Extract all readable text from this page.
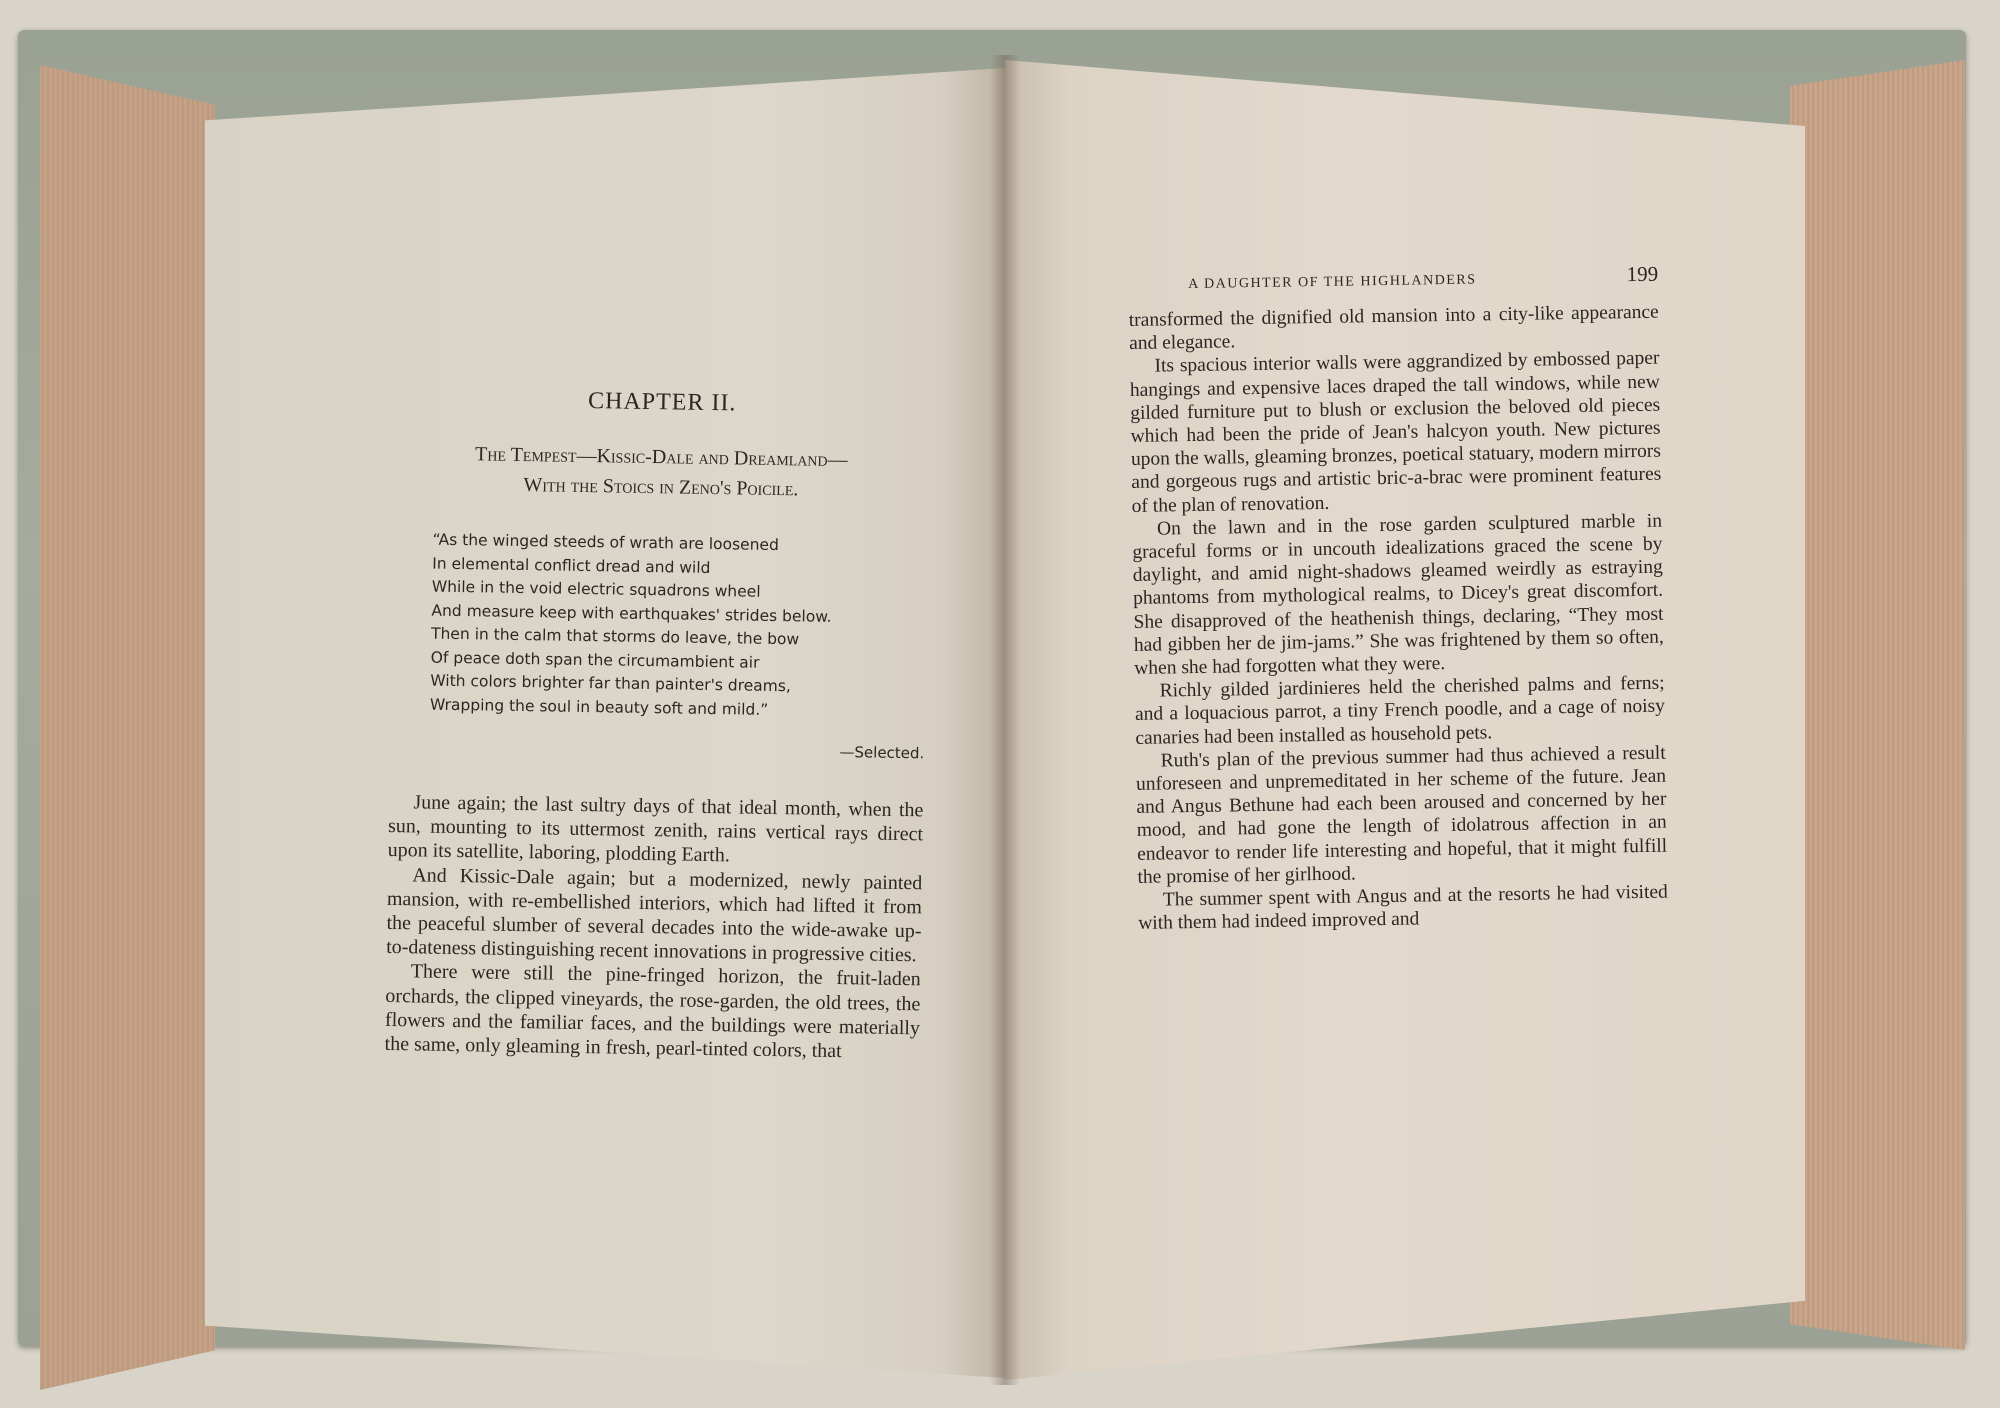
CHAPTER II.
The Tempest—Kissic-Dale and Dreamland—
With the Stoics in Zeno's Poicile.
“As the winged steeds of wrath are loosened
In elemental conflict dread and wild
While in the void electric squadrons wheel
And measure keep with earthquakes' strides below.
Then in the calm that storms do leave, the bow
Of peace doth span the circumambient air
With colors brighter far than painter's dreams,
Wrapping the soul in beauty soft and mild.”
—Selected.

June again; the last sultry days of that ideal month, when the sun, mounting to its uttermost zenith, rains vertical rays direct upon its satellite, laboring, plodding Earth.

And Kissic-Dale again; but a modernized, newly painted mansion, with re-embellished interiors, which had lifted it from the peaceful slumber of several decades into the wide-awake up-to-dateness distinguishing recent innovations in progressive cities.

There were still the pine-fringed horizon, the fruit-laden orchards, the clipped vineyards, the rose-garden, the old trees, the flowers and the familiar faces, and the buildings were materially the same, only gleaming in fresh, pearl-tinted colors, that

A DAUGHTER OF THE HIGHLANDERS	199

transformed the dignified old mansion into a city-like appearance and elegance.

Its spacious interior walls were aggrandized by embossed paper hangings and expensive laces draped the tall windows, while new gilded furniture put to blush or exclusion the beloved old pieces which had been the pride of Jean's halcyon youth. New pictures upon the walls, gleaming bronzes, poetical statuary, modern mirrors and gorgeous rugs and artistic bric-a-brac were prominent features of the plan of renovation.

On the lawn and in the rose garden sculptured marble in graceful forms or in uncouth idealizations graced the scene by daylight, and amid night-shadows gleamed weirdly as estraying phantoms from mythological realms, to Dicey's great discomfort. She disapproved of the heathenish things, declaring, “They most had gibben her de jim-jams.” She was frightened by them so often, when she had forgotten what they were.

Richly gilded jardinieres held the cherished palms and ferns; and a loquacious parrot, a tiny French poodle, and a cage of noisy canaries had been installed as household pets.

Ruth's plan of the previous summer had thus achieved a result unforeseen and unpremeditated in her scheme of the future. Jean and Angus Bethune had each been aroused and concerned by her mood, and had gone the length of idolatrous affection in an endeavor to render life interesting and hopeful, that it might fulfill the promise of her girlhood.

The summer spent with Angus and at the resorts he had visited with them had indeed improved and
